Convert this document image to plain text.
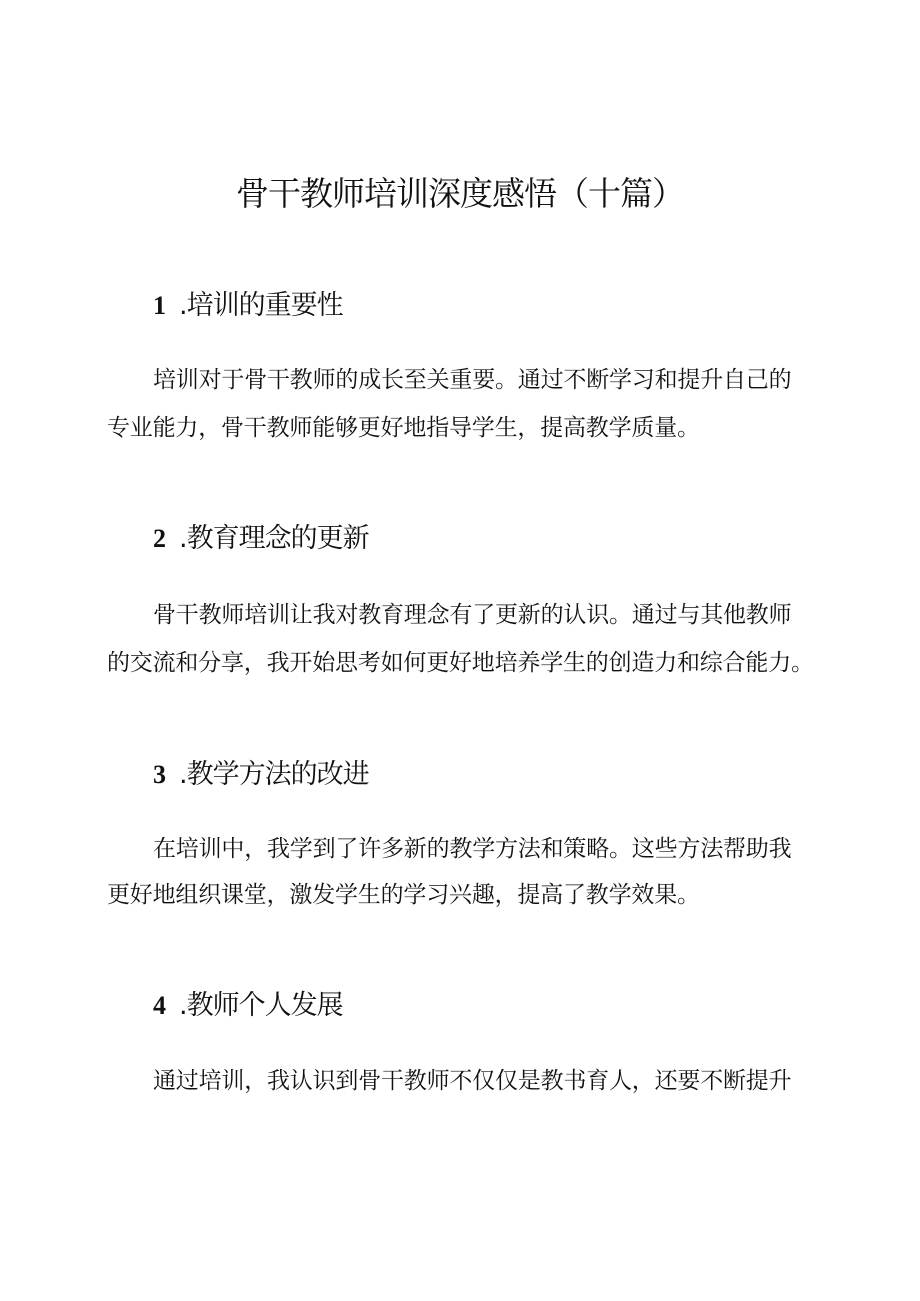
骨干教师培训深度感悟（十篇）
1 .培训的重要性
培训对于骨干教师的成长至关重要。通过不断学习和提升自己的
专业能力，骨干教师能够更好地指导学生，提高教学质量。
2 .教育理念的更新
骨干教师培训让我对教育理念有了更新的认识。通过与其他教师
的交流和分享，我开始思考如何更好地培养学生的创造力和综合能力。
3 .教学方法的改进
在培训中，我学到了许多新的教学方法和策略。这些方法帮助我
更好地组织课堂，激发学生的学习兴趣，提高了教学效果。
4 .教师个人发展
通过培训，我认识到骨干教师不仅仅是教书育人，还要不断提升
